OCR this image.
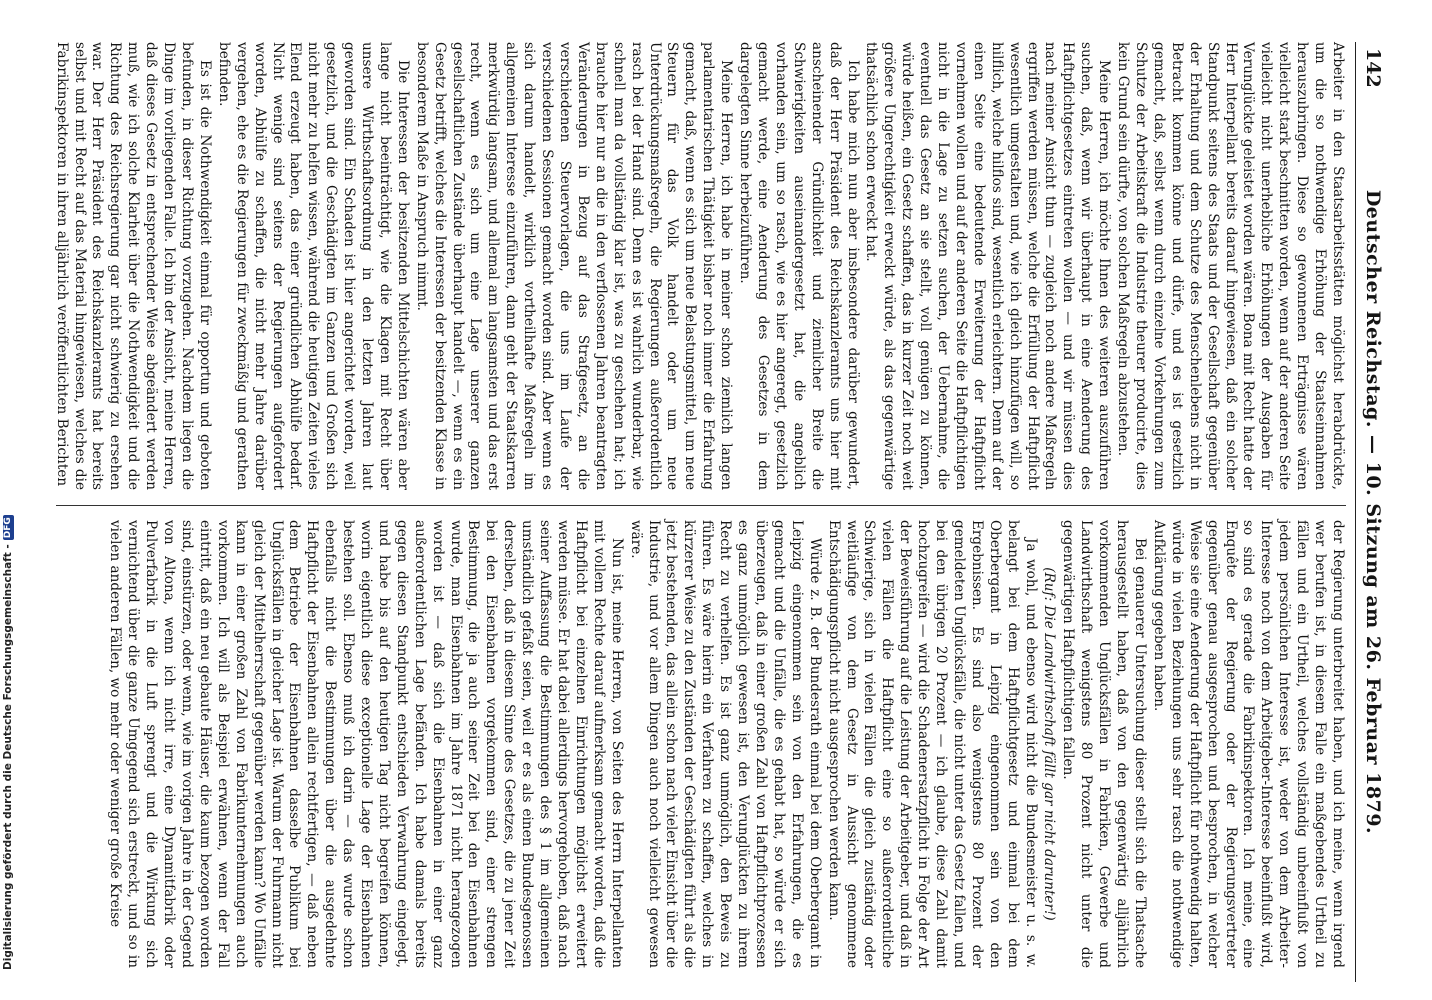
142
Deutscher Reichstag. — 10. Sitzung am 26. Februar 1879.

Arbeiter in den Staatsarbeitsstätten möglichst herabdrückte, um die so nothwendige Erhöhung der Staatseinnahmen herauszubringen. Diese so gewonnenen Erträgnisse wären vielleicht stark beschnitten worden, wenn auf der anderen Seite vielleicht nicht unerhebliche Erhöhungen der Ausgaben für Verunglückte geleistet worden wären. Bona mit Recht hatte der Herr Interpellant bereits darauf hingewiesen, daß ein solcher Standpunkt seitens des Staats und der Gesellschaft gegenüber der Erhaltung und dem Schutze des Menschenlebens nicht in Betracht kommen könne und dürfe, und es ist gesetzlich gemacht, daß, selbst wenn durch einzelne Vorkehrungen zum Schutze der Arbeitskraft die Industrie theurer producirte, dies kein Grund sein dürfte, von solchen Maßregeln abzustehen.

Meine Herren, ich möchte Ihnen des weiteren auszuführen suchen, daß, wenn wir überhaupt in eine Aenderung des Haftpflichtgesetzes eintreten wollen — und wir müssen dies nach meiner Ansicht thun — zugleich noch andere Maßregeln ergriffen werden müssen, welche die Erfüllung der Haftpflicht wesentlich umgestalten und, wie ich gleich hinzufügen will, so hilflich, welche hilflos sind, wesentlich erleichtern. Denn auf der einen Seite eine bedeutende Erweiterung der Haftpflicht vornehmen wollen und auf der anderen Seite die Haftpflichtigen nicht in die Lage zu setzen suchen, der Uebernahme, die eventuell das Gesetz an sie stellt, voll genügen zu können, würde heißen, ein Gesetz schaffen, das in kurzer Zeit noch weit größere Ungerechtigkeit erweckt würde, als das gegenwärtige thatsächlich schon erweckt hat.

Ich habe mich nun aber insbesondere darüber gewundert, daß der Herr Präsident des Reichskanzleramts uns hier mit anscheinender Gründlichkeit und ziemlicher Breite die Schwierigkeiten auseinandergesetzt hat, die angeblich vorhanden sein, um so rasch, wie es hier angeregt, gesetzlich gemacht werde, eine Aenderung des Gesetzes in dem dargelegten Sinne herbeizuführen.

Meine Herren, ich habe in meiner schon ziemlich langen parlamentarischen Thätigkeit bisher noch immer die Erfahrung gemacht, daß, wenn es sich um neue Belastungsmittel, um neue Steuern für das Volk handelt oder um neue Unterdrückungsmaßregeln, die Regierungen außerordentlich rasch bei der Hand sind. Denn es ist wahrlich wunderbar, wie schnell man da vollständig klar ist, was zu geschehen hat; ich brauche hier nur an die in den verflossenen Jahren beantragten Veränderungen in Bezug auf das Strafgesetz, an die verschiedenen Steuervorlagen, die uns im Laufe der verschiedenen Sessionen gemacht worden sind. Aber wenn es sich darum handelt, wirklich vortheilhafte Maßregeln im allgemeinen Interesse einzuführen, dann geht der Staatskarren merkwürdig langsam, und allemal am langsamsten und das erst recht, wenn es sich um eine Lage unserer ganzen gesellschaftlichen Zustände überhaupt handelt —, wenn es ein Gesetz betrifft, welches die Interessen der besitzenden Klasse in besonderem Maße in Anspruch nimmt.

Die Interessen der besitzenden Mittelschichten wären aber lange nicht beeinträchtigt, wie die Klagen mit Recht über unsere Wirthschaftsordnung in den letzten Jahren laut geworden sind. Ein Schaden ist hier angerichtet worden, weil gesetzlich, und die Geschädigten im Ganzen und Großen sich nicht mehr zu helfen wissen, während die heutigen Zeiten vieles Elend erzeugt haben, das einer gründlichen Abhülfe bedarf. Nicht wenige sind seitens der Regierungen aufgefordert worden, Abhülfe zu schaffen, die nicht mehr Jahre darüber vergehen, ehe es die Regierungen für zweckmäßig und gerathen befinden.

Es ist die Nothwendigkeit einmal für opportun und geboten befunden, in dieser Richtung vorzugehen. Nachdem liegen die Dinge im vorliegenden Falle. Ich bin der Ansicht, meine Herren, daß dieses Gesetz in entsprechender Weise abgeändert werden muß, wie ich solche Klarheit über die Nothwendigkeit und die Richtung des Reichsregierung gar nicht schwierig zu ersehen war. Der Herr Präsident des Reichskanzleramts hat bereits selbst und mit Recht auf das Material hingewiesen, welches die Fabrikinspektoren in ihren alljährlich veröffentlichten Berichten

der Regierung unterbreitet haben, und ich meine, wenn irgend wer berufen ist, in diesem Falle ein maßgebendes Urtheil zu fällen und ein Urtheil, welches vollständig unbeeinflußt von jedem persönlichen Interesse ist, weder von dem Arbeiter-Interesse noch von dem Arbeitgeber-Interesse beeinflußt wird, so sind es gerade die Fabrikinspektoren. Ich meine, eine Enquête der Regierung oder der Regierungsvertreter gegenüber genau ausgesprochen und besprochen, in welcher Weise sie eine Aenderung der Haftpflicht für nothwendig halten, würde in vielen Beziehungen uns sehr rasch die nothwendige Aufklärung gegeben haben.

Bei genauerer Untersuchung dieser stellt sich die Thatsache herausgestellt haben, daß von den gegenwärtig alljährlich vorkommenden Unglücksfällen in Fabriken, Gewerbe und Landwirthschaft wenigstens 80 Prozent nicht unter die gegenwärtigen Haftpflichtigen fallen.

(Ruf: Die Landwirthschaft fällt gar nicht darunter!)

Ja wohl, und ebenso wird nicht die Bundesmeister u. s. w. belangt bei dem Haftpflichtgesetz und einmal bei dem Oberbergamt in Leipzig eingenommen sein von den Ergebnissen. Es sind also wenigstens 80 Prozent der gemeldeten Unglücksfälle, die nicht unter das Gesetz fallen, und bei den übrigen 20 Prozent — ich glaube, diese Zahl damit hochzugreifen — wird die Schadenersatzpflicht in Folge der Art der Beweisführung auf die Leistung der Arbeitgeber, und daß in vielen Fällen die Haftpflicht eine so außerordentliche Schwierige, sich in vielen Fällen die gleich zuständig oder weitläufige von dem Gesetz in Aussicht genommene Entschädigungspflicht nicht ausgesprochen werden kann.

Würde z. B. der Bundesrath einmal bei dem Oberbergamt in Leipzig eingenommen sein von den Erfahrungen, die es gemacht und die Unfälle, die es gehabt hat, so würde er sich überzeugen, daß in einer großen Zahl von Haftpflichtprozessen es ganz unmöglich gewesen ist, den Verunglückten zu ihrem Recht zu verhelfen. Es ist ganz unmöglich, den Beweis zu führen. Es wäre hierin ein Verfahren zu schaffen, welches in kürzerer Weise zu den Zuständen der Geschädigten führt als die jetzt bestehenden, das allein schon nach vieler Einsicht über die Industrie, und vor allem Dingen auch noch vielleicht gewesen wäre.

Nun ist, meine Herren, von Seiten des Herrn Interpellanten mit vollem Rechte darauf aufmerksam gemacht worden, daß die Haftpflicht bei einzelnen Einrichtungen möglichst erweitert werden müsse. Er hat dabei allerdings hervorgehoben, daß nach seiner Auffassung die Bestimmungen des § 1 im allgemeinen umständlich gefaßt seien, weil er es als einen Bundesgenossen derselben, daß in diesem Sinne des Gesetzes, die zu jener Zeit bei den Eisenbahnen vorgekommen sind, einer strengen Bestimmung, die ja auch seiner Zeit bei den Eisenbahnen wurde, man Eisenbahnen im Jahre 1871 nicht herangezogen worden ist — daß sich die Eisenbahnen in einer ganz außerordentlichen Lage befänden. Ich habe damals bereits gegen diesen Standpunkt entschieden Verwahrung eingelegt, und habe bis auf den heutigen Tag nicht begreifen können, worin eigentlich diese exceptionelle Lage der Eisenbahnen bestehen soll. Ebenso muß ich darin — das wurde schon ebenfalls nicht die Bestimmungen über die ausgedehnte Haftpflicht der Eisenbahnen allein rechtfertigen, — daß neben dem Betriebe der Eisenbahnen dasselbe Publikum bei Unglücksfällen in gleicher Lage ist. Warum der Fuhrmann nicht gleich der Mittelherrschaft gegenüber werden kann? Wo Unfälle kann in einer großen Zahl von Fabrikunternehmungen auch vorkommen. Ich will als Beispiel erwähnen, wenn der Fall eintritt, daß ein neu gebaute Häuser, die kaum bezogen worden sind, einstürzen, oder wenn, wie im vorigen Jahre in der Gegend von Altona, wenn ich nicht irre, eine Dynamitfabrik oder Pulverfabrik in die Luft sprengt und die Wirkung sich vernichtend über die ganze Umgegend sich erstreckt, und so in vielen anderen Fällen, wo mehr oder weniger große Kreise

Digitalisierung gefördert durch die Deutsche Forschungsgemeinschaft -DFG
